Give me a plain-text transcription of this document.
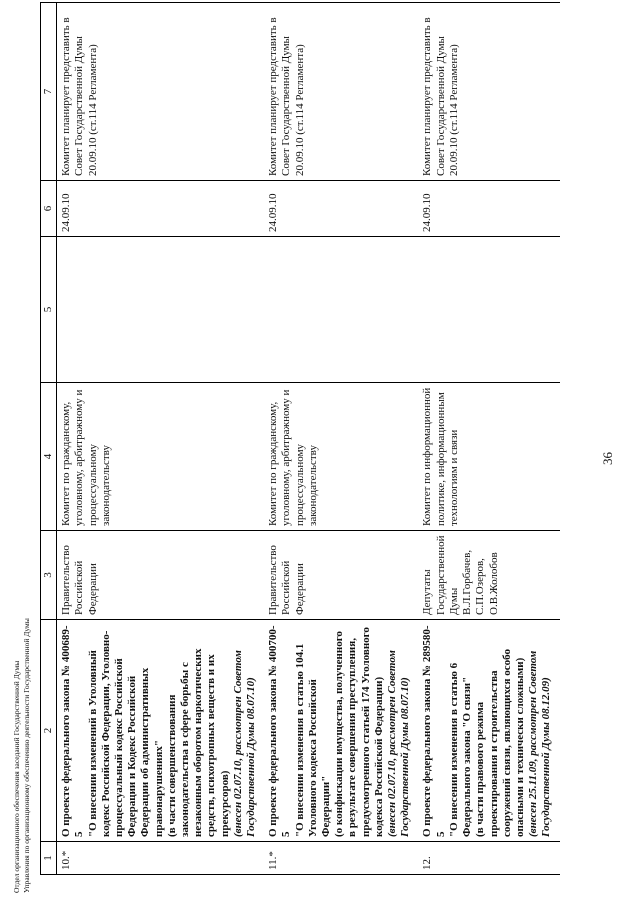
36
1	2	3	4	5	6	7
10.*	О проекте федерального закона № 400689-5 "О внесении изменений в Уголовный кодекс Российской Федерации, Уголовно-процессуальный кодекс Российской Федерации и Кодекс Российской Федерации об административных правонарушениях" (в части совершенствования законодательства в сфере борьбы с незаконным оборотом наркотических средств, психотропных веществ и их прекурсоров) (внесен 02.07.10, рассмотрен Советом Государственной Думы 08.07.10)	Правительство Российской Федерации	Комитет по гражданскому, уголовному, арбитражному и процессуальному законодательству		24.09.10	Комитет планирует представить в Совет Государственной Думы 20.09.10 (ст.114 Регламента)
11.*	О проекте федерального закона № 400700-5 "О внесении изменения в статью 104.1 Уголовного кодекса Российской Федерации" (о конфискации имущества, полученного в результате совершения преступления, предусмотренного статьей 174 Уголовного кодекса Российской Федерации) (внесен 02.07.10, рассмотрен Советом Государственной Думы 08.07.10)	Правительство Российской Федерации	Комитет по гражданскому, уголовному, арбитражному и процессуальному законодательству		24.09.10	Комитет планирует представить в Совет Государственной Думы 20.09.10 (ст.114 Регламента)
12.	О проекте федерального закона № 289580-5 "О внесении изменения в статью 6 Федерального закона "О связи" (в части правового режима проектирования и строительства сооружений связи, являющихся особо опасными и технически сложными) (внесен 25.11.09, рассмотрен Советом Государственной Думы 08.12.09)	Депутаты Государственной Думы В.Л.Горбачев, С.П.Озеров, О.В.Жолобов	Комитет по информационной политике, информационным технологиям и связи		24.09.10	Комитет планирует представить в Совет Государственной Думы 20.09.10 (ст.114 Регламента)
Отдел организационного обеспечения заседаний Государственной Думы Управления по организационному обеспечению деятельности Государственной Думы
